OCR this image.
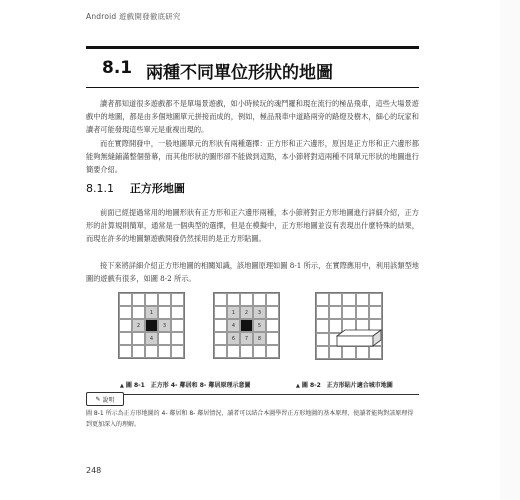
Android 遊戲開發徹底研究
8.1 兩種不同單位形狀的地圖

讀者都知道很多遊戲都不是單場景遊戲，如小時候玩的魂鬥羅和現在流行的極品飛車，這些大場景遊戲中的地圖，都是由多個地圖單元拼接而成的，例如，極品飛車中道路兩旁的路燈及樹木，細心的玩家和讀者可能發現這些單元是重複出現的。

而在實際開發中，一般地圖單元的形狀有兩種選擇：正方形和正六邊形，原因是正方形和正六邊形都能夠無縫鋪滿整個螢幕，而其他形狀的圖形卻不能做到這點，本小節將對這兩種不同單元形狀的地圖進行簡要介紹。

8.1.1 正方形地圖

前面已經提過常用的地圖形狀有正方形和正六邊形兩種，本小節將對正方形地圖進行詳細介紹，正方形的計算規則簡單，通常是一個典型的選擇，但是在模擬中，正方形地圖並沒有表現出什麼特殊的結果，而現在許多的地圖類遊戲開發仍然採用的是正方形貼圖。

接下來將詳細介紹正方形地圖的相關知識，該地圖原理如圖 8-1 所示，在實際應用中，利用該類型地圖的遊戲有很多，如圖 8-2 所示。

1
2	3
4
1	2	3
4	5
6	7	8
▲ 圖 8-1　正方形 4- 鄰居和 8- 鄰居原理示意圖	▲ 圖 8-2　正方形貼片適合城市地圖
✎ 說明

圖 8-1 所示為正方形地圖的 4- 鄰居和 8- 鄰居情況，讀者可以結合本圖學習正方形地圖的基本原理，使讀者能夠對該原理得到更加深入的理解。

248
